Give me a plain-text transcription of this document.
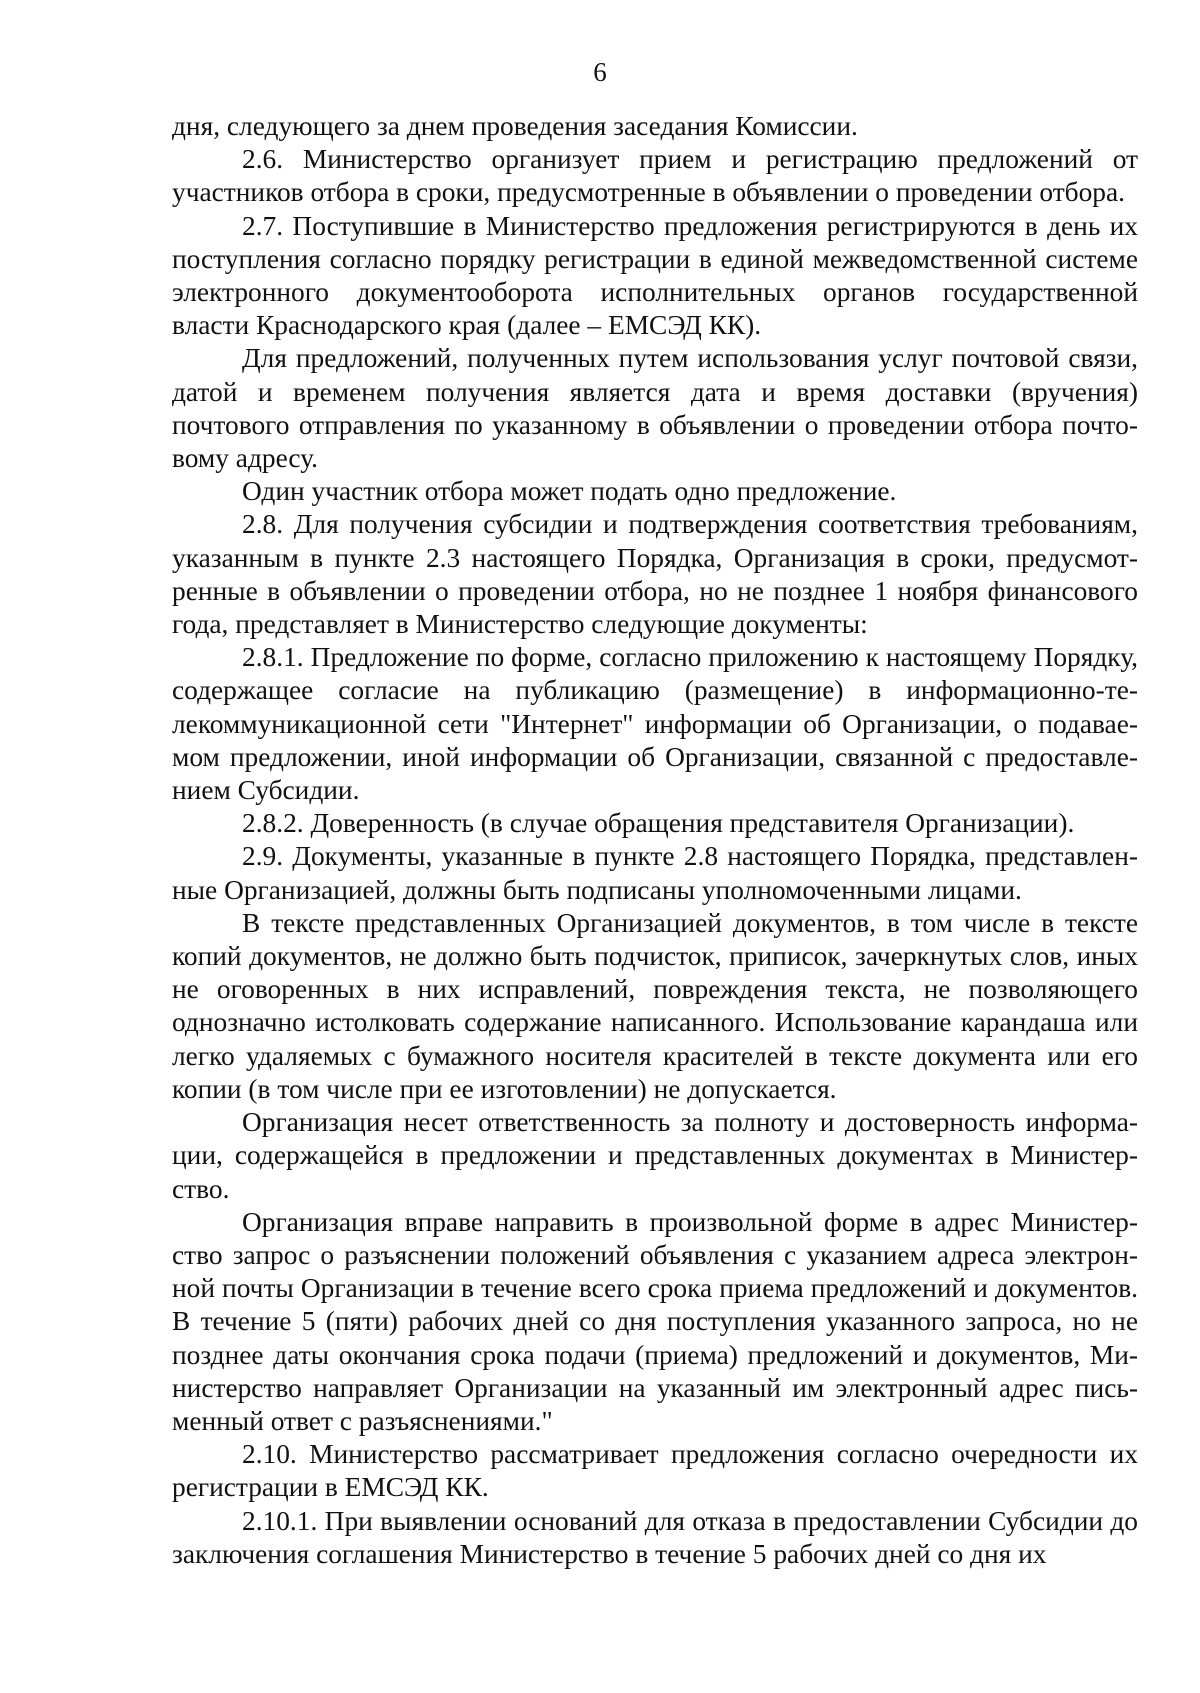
6

дня, следующего за днем проведения заседания Комиссии.

2.6. Министерство организует прием и регистрацию предложений от участников отбора в сроки, предусмотренные в объявлении о проведении отбора.

2.7. Поступившие в Министерство предложения регистрируются в день их поступления согласно порядку регистрации в единой межведомственной системе электронного документооборота исполнительных органов государственной власти Краснодарского края (далее – ЕМСЭД КК).

Для предложений, полученных путем использования услуг почтовой связи, датой и временем получения является дата и время доставки (вручения) почтового отправления по указанному в объявлении о проведении отбора почтовому адресу.

Один участник отбора может подать одно предложение.

2.8. Для получения субсидии и подтверждения соответствия требованиям, указанным в пункте 2.3 настоящего Порядка, Организация в сроки, предусмотренные в объявлении о проведении отбора, но не позднее 1 ноября финансового года, представляет в Министерство следующие документы:

2.8.1. Предложение по форме, согласно приложению к настоящему Порядку, содержащее согласие на публикацию (размещение) в информационно-телекоммуникационной сети "Интернет" информации об Организации, о подаваемом предложении, иной информации об Организации, связанной с предоставлением Субсидии.

2.8.2. Доверенность (в случае обращения представителя Организации).

2.9. Документы, указанные в пункте 2.8 настоящего Порядка, представленные Организацией, должны быть подписаны уполномоченными лицами.

В тексте представленных Организацией документов, в том числе в тексте копий документов, не должно быть подчисток, приписок, зачеркнутых слов, иных не оговоренных в них исправлений, повреждения текста, не позволяющего однозначно истолковать содержание написанного. Использование карандаша или легко удаляемых с бумажного носителя красителей в тексте документа или его копии (в том числе при ее изготовлении) не допускается.

Организация несет ответственность за полноту и достоверность информации, содержащейся в предложении и представленных документах в Министерство.

Организация вправе направить в произвольной форме в адрес Министерство запрос о разъяснении положений объявления с указанием адреса электронной почты Организации в течение всего срока приема предложений и документов. В течение 5 (пяти) рабочих дней со дня поступления указанного запроса, но не позднее даты окончания срока подачи (приема) предложений и документов, Министерство направляет Организации на указанный им электронный адрес письменный ответ с разъяснениями."

2.10. Министерство рассматривает предложения согласно очередности их регистрации в ЕМСЭД КК.

2.10.1. При выявлении оснований для отказа в предоставлении Субсидии до заключения соглашения Министерство в течение 5 рабочих дней со дня их
